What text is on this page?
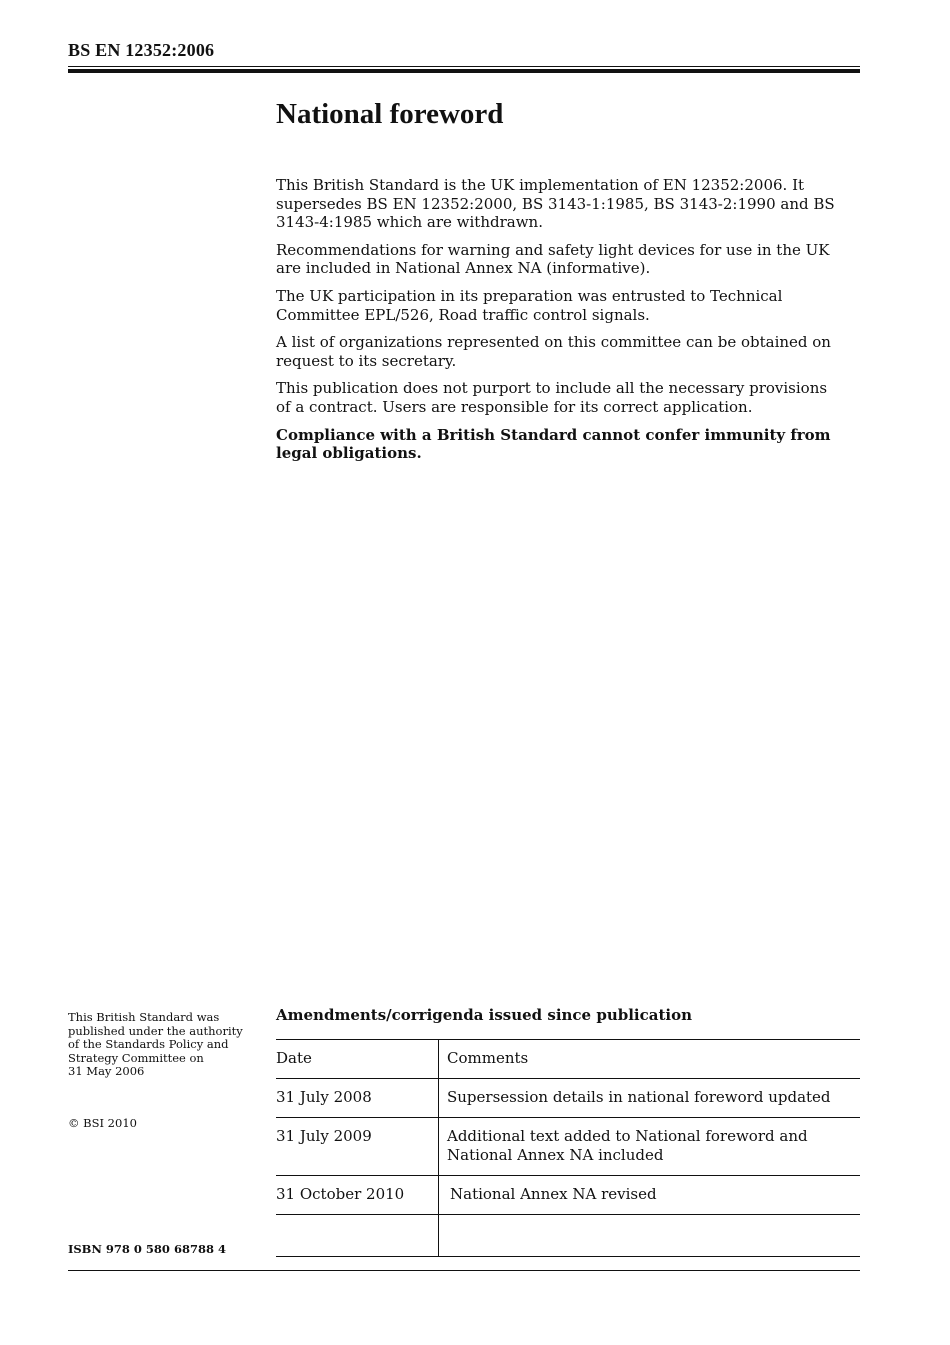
BS EN 12352:2006
National foreword

This British Standard is the UK implementation of EN 12352:2006. It supersedes BS EN 12352:2000, BS 3143-1:1985, BS 3143-2:1990 and BS 3143-4:1985 which are withdrawn.

Recommendations for warning and safety light devices for use in the UK are included in National Annex NA (informative).

The UK participation in its preparation was entrusted to Technical Committee EPL/526, Road traffic control signals.

A list of organizations represented on this committee can be obtained on request to its secretary.

This publication does not purport to include all the necessary provisions of a contract. Users are responsible for its correct application.

Compliance with a British Standard cannot confer immunity from legal obligations.

This British Standard was
published under the authority
of the Standards Policy and
Strategy Committee on
31 May 2006
© BSI 2010
ISBN 978 0 580 68788 4
Amendments/corrigenda issued since publication
Date	Comments
31 July 2008	Supersession details in national foreword updated
31 July 2009	Additional text added to National foreword and National Annex NA included
31 October 2010	National Annex NA revised
